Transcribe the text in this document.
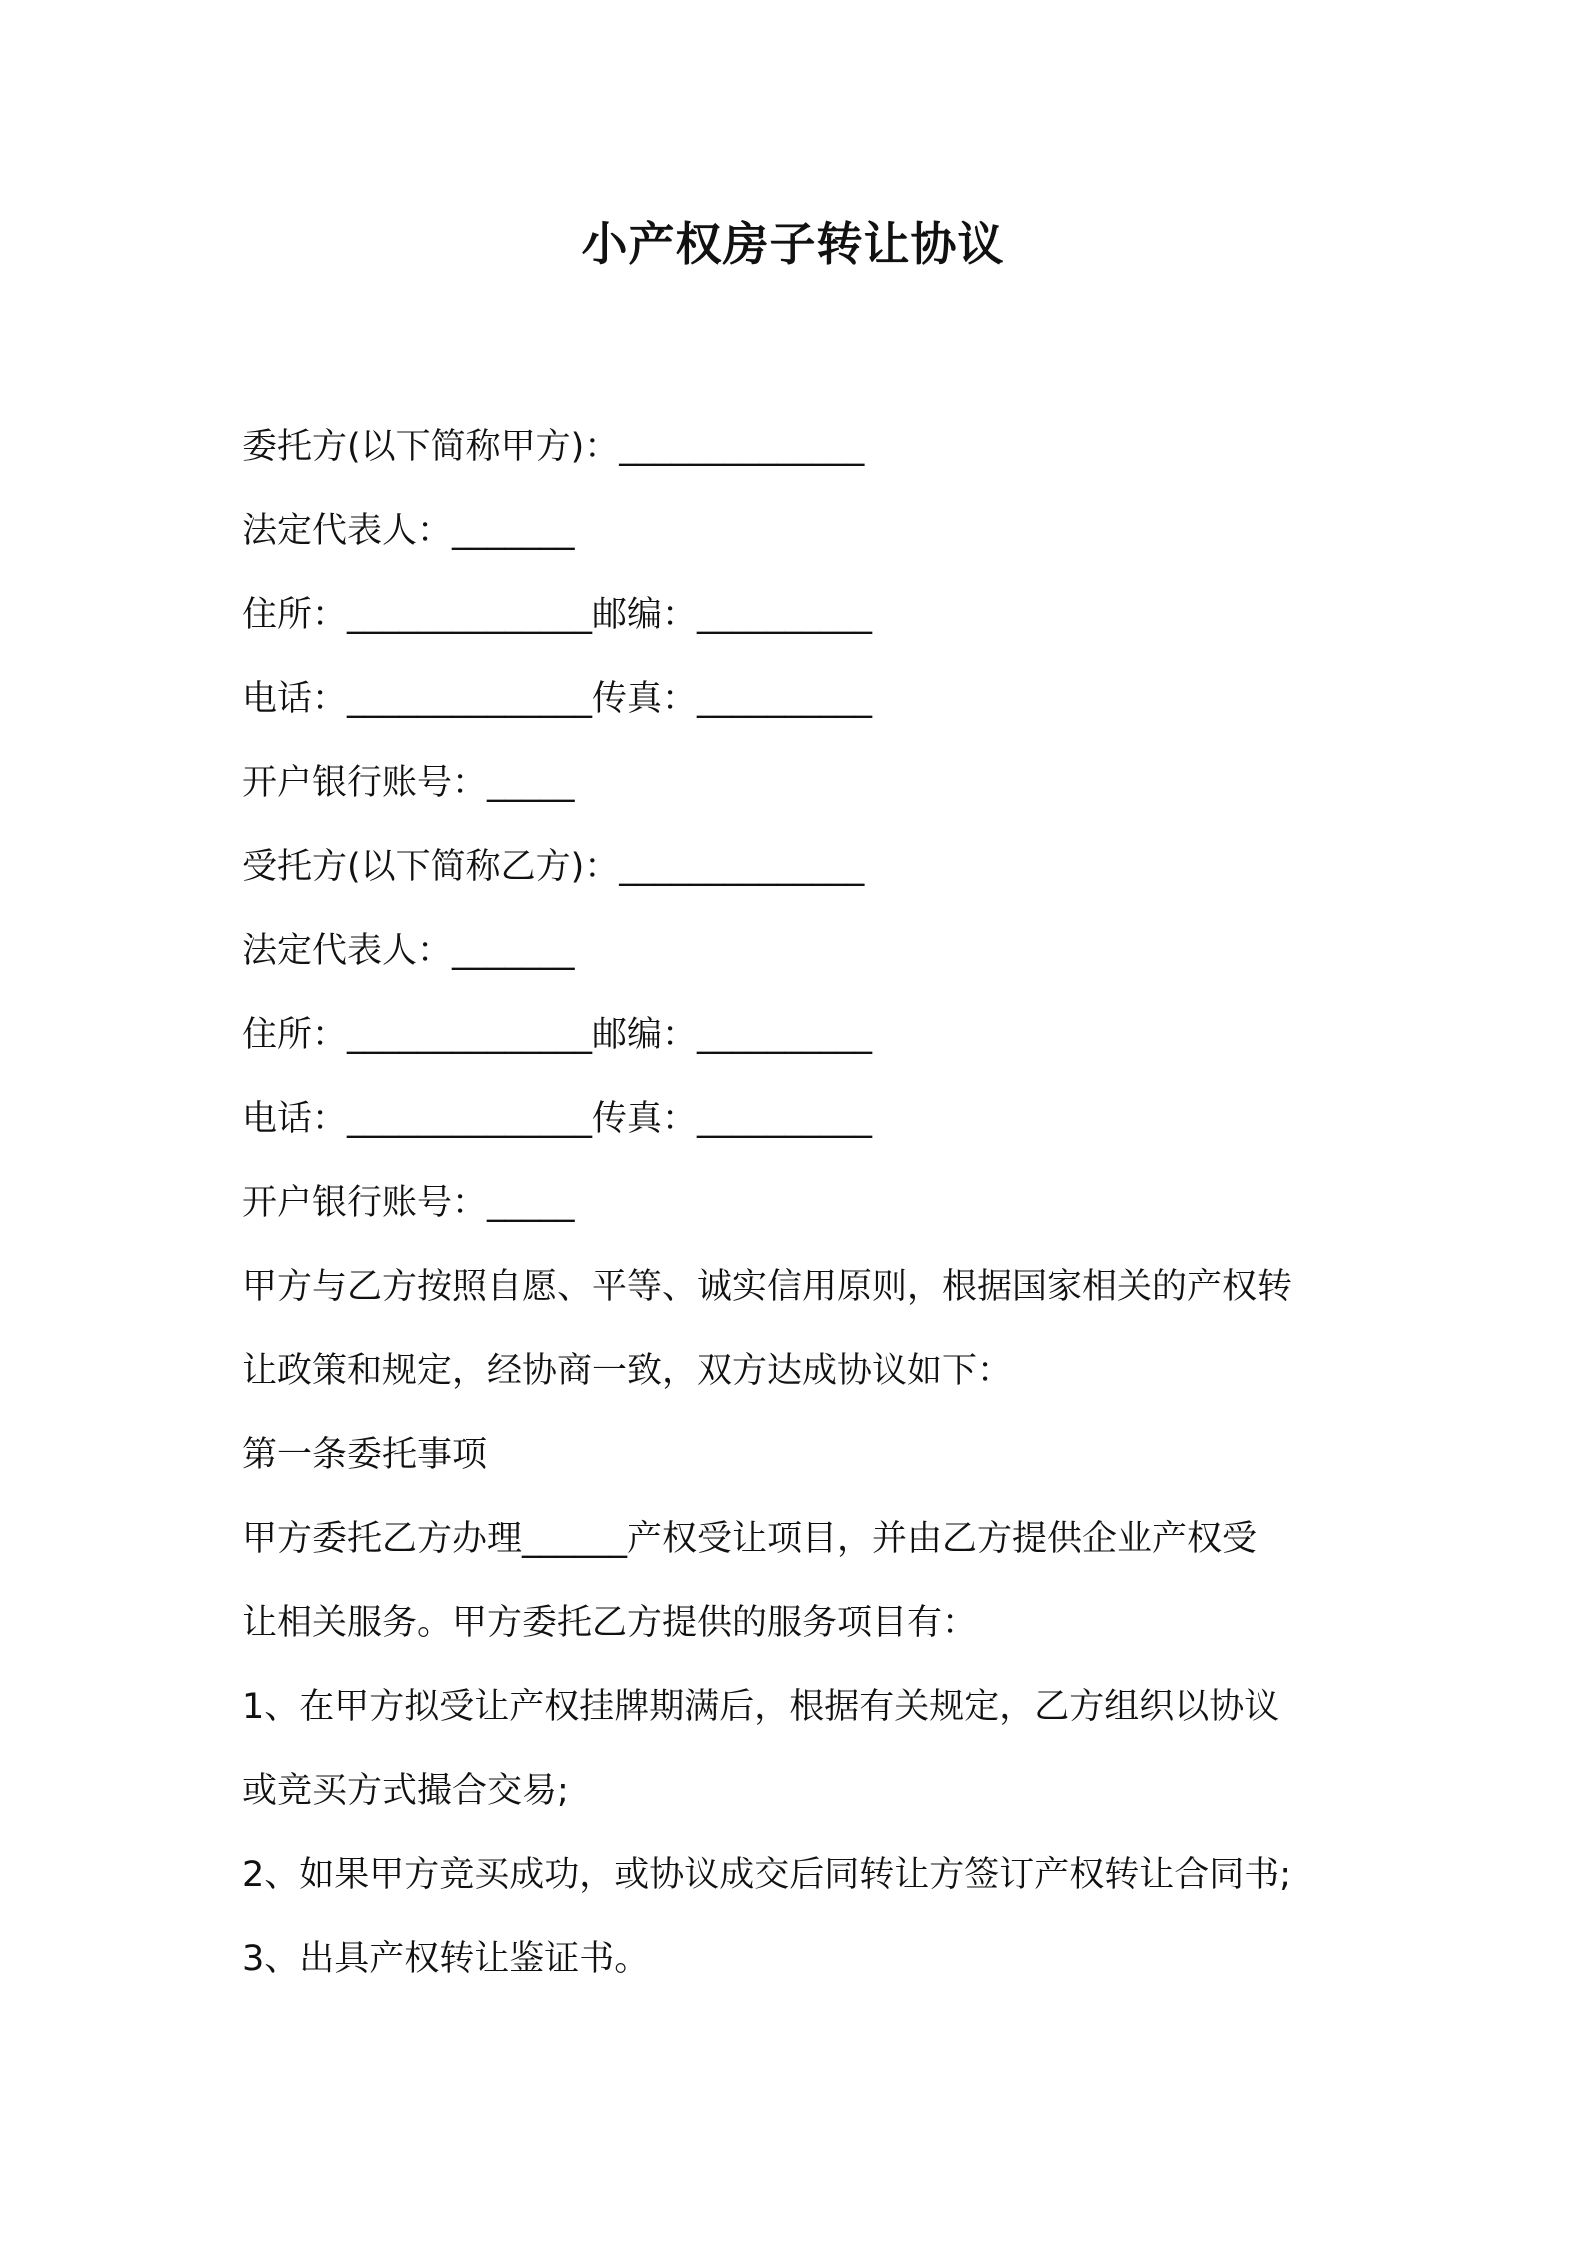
小产权房子转让协议

委托方(以下简称甲方)：______________

法定代表人：_______

住所：______________邮编：__________

电话：______________传真：__________

开户银行账号：_____

受托方(以下简称乙方)：______________

法定代表人：_______

住所：______________邮编：__________

电话：______________传真：__________

开户银行账号：_____

甲方与乙方按照自愿、平等、诚实信用原则，根据国家相关的产权转

让政策和规定，经协商一致，双方达成协议如下：

第一条委托事项

甲方委托乙方办理______产权受让项目，并由乙方提供企业产权受

让相关服务。甲方委托乙方提供的服务项目有：

1、在甲方拟受让产权挂牌期满后，根据有关规定，乙方组织以协议

或竞买方式撮合交易;

2、如果甲方竞买成功，或协议成交后同转让方签订产权转让合同书;

3、出具产权转让鉴证书。
